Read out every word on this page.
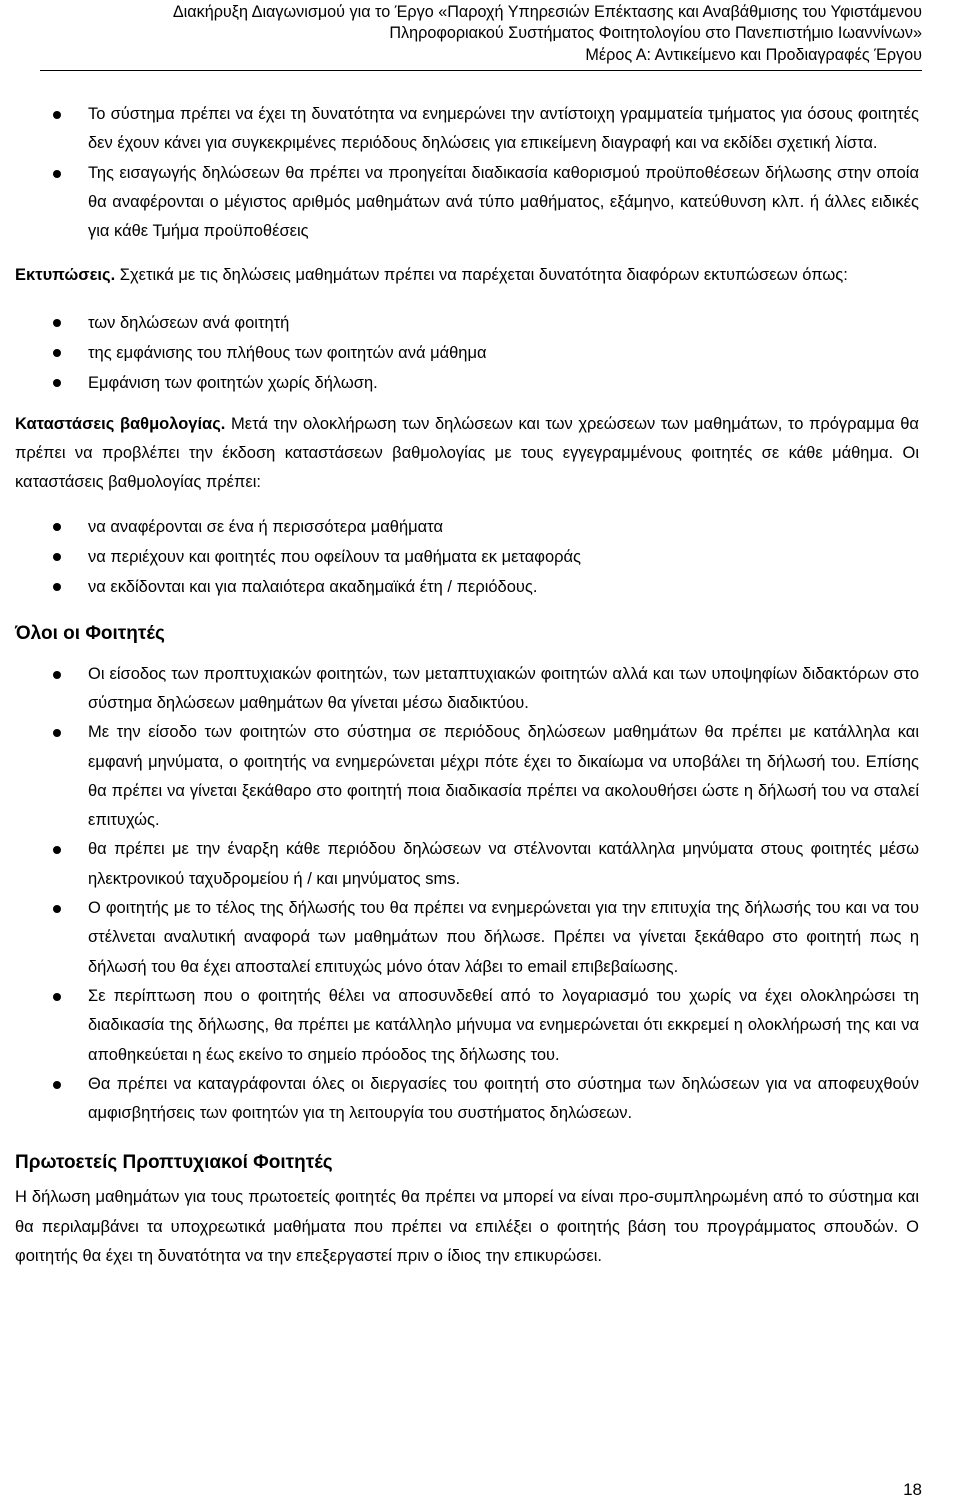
Διακήρυξη Διαγωνισμού για το Έργο «Παροχή Υπηρεσιών Επέκτασης και Αναβάθμισης του Υφιστάμενου
Πληροφοριακού Συστήματος Φοιτητολογίου στο Πανεπιστήμιο Ιωαννίνων»
Μέρος Α: Αντικείμενο και Προδιαγραφές Έργου
Το σύστημα πρέπει να έχει τη δυνατότητα να ενημερώνει την αντίστοιχη γραμματεία τμήματος για όσους φοιτητές δεν έχουν κάνει για συγκεκριμένες περιόδους δηλώσεις για επικείμενη διαγραφή και να εκδίδει σχετική λίστα.
Της εισαγωγής δηλώσεων θα πρέπει να προηγείται διαδικασία καθορισμού προϋποθέσεων δήλωσης στην οποία θα αναφέρονται ο μέγιστος αριθμός μαθημάτων ανά τύπο μαθήματος, εξάμηνο, κατεύθυνση κλπ. ή άλλες ειδικές για κάθε Τμήμα προϋποθέσεις

Εκτυπώσεις. Σχετικά με τις δηλώσεις μαθημάτων πρέπει να παρέχεται δυνατότητα διαφόρων εκτυπώσεων όπως:

των δηλώσεων ανά φοιτητή
της εμφάνισης του πλήθους των φοιτητών ανά μάθημα
Εμφάνιση των φοιτητών χωρίς δήλωση.

Καταστάσεις βαθμολογίας. Μετά την ολοκλήρωση των δηλώσεων και των χρεώσεων των μαθημάτων, το πρόγραμμα θα πρέπει να προβλέπει την έκδοση καταστάσεων βαθμολογίας με τους εγγεγραμμένους φοιτητές σε κάθε μάθημα. Οι καταστάσεις βαθμολογίας πρέπει:

να αναφέρονται σε ένα ή περισσότερα μαθήματα
να περιέχουν και φοιτητές που οφείλουν τα μαθήματα εκ μεταφοράς
να εκδίδονται και για παλαιότερα ακαδημαϊκά έτη / περιόδους.

Όλοι οι Φοιτητές

Οι είσοδος των προπτυχιακών φοιτητών, των μεταπτυχιακών φοιτητών αλλά και των υποψηφίων διδακτόρων στο σύστημα δηλώσεων μαθημάτων θα γίνεται μέσω διαδικτύου.
Με την είσοδο των φοιτητών στο σύστημα σε περιόδους δηλώσεων μαθημάτων θα πρέπει με κατάλληλα και εμφανή μηνύματα, ο φοιτητής να ενημερώνεται μέχρι πότε έχει το δικαίωμα να υποβάλει τη δήλωσή του. Επίσης θα πρέπει να γίνεται ξεκάθαρο στο φοιτητή ποια διαδικασία πρέπει να ακολουθήσει ώστε η δήλωσή του να σταλεί επιτυχώς.
θα πρέπει με την έναρξη κάθε περιόδου δηλώσεων να στέλνονται κατάλληλα μηνύματα στους φοιτητές μέσω ηλεκτρονικού ταχυδρομείου ή / και μηνύματος sms.
Ο φοιτητής με το τέλος της δήλωσής του θα πρέπει να ενημερώνεται για την επιτυχία της δήλωσής του και να του στέλνεται αναλυτική αναφορά των μαθημάτων που δήλωσε. Πρέπει να γίνεται ξεκάθαρο στο φοιτητή πως η δήλωσή του θα έχει αποσταλεί επιτυχώς μόνο όταν λάβει το email επιβεβαίωσης.
Σε περίπτωση που ο φοιτητής θέλει να αποσυνδεθεί από το λογαριασμό του χωρίς να έχει ολοκληρώσει τη διαδικασία της δήλωσης, θα πρέπει με κατάλληλο μήνυμα να ενημερώνεται ότι εκκρεμεί η ολοκλήρωσή της και να αποθηκεύεται η έως εκείνο το σημείο πρόοδος της δήλωσης του.
Θα πρέπει να καταγράφονται όλες οι διεργασίες του φοιτητή στο σύστημα των δηλώσεων για να αποφευχθούν αμφισβητήσεις των φοιτητών για τη λειτουργία του συστήματος δηλώσεων.

Πρωτοετείς Προπτυχιακοί Φοιτητές

Η δήλωση μαθημάτων για τους πρωτοετείς φοιτητές θα πρέπει να μπορεί να είναι προ-συμπληρωμένη από το σύστημα και θα περιλαμβάνει τα υποχρεωτικά μαθήματα που πρέπει να επιλέξει ο φοιτητής βάση του προγράμματος σπουδών. Ο φοιτητής θα έχει τη δυνατότητα να την επεξεργαστεί πριν ο ίδιος την επικυρώσει.

18
